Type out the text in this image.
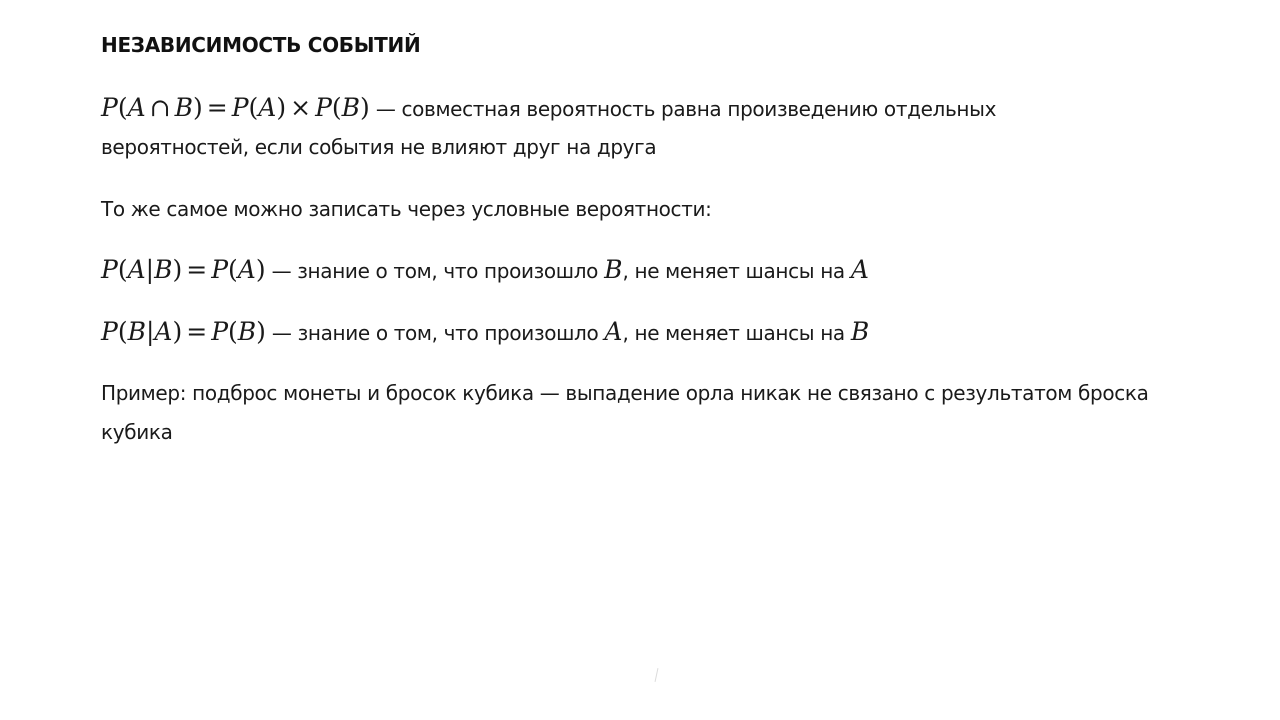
НЕЗАВИСИМОСТЬ СОБЫТИЙ
P(A ∩ B) = P(A) × P(B) — совместная вероятность равна произведению отдельных
вероятностей, если события не влияют друг на друга
То же самое можно записать через условные вероятности:
P(A|B) = P(A) — знание о том, что произошло B, не меняет шансы на A
P(B|A) = P(B) — знание о том, что произошло A, не меняет шансы на B
Пример: подброс монеты и бросок кубика — выпадение орла никак не связано с результатом броска
кубика
